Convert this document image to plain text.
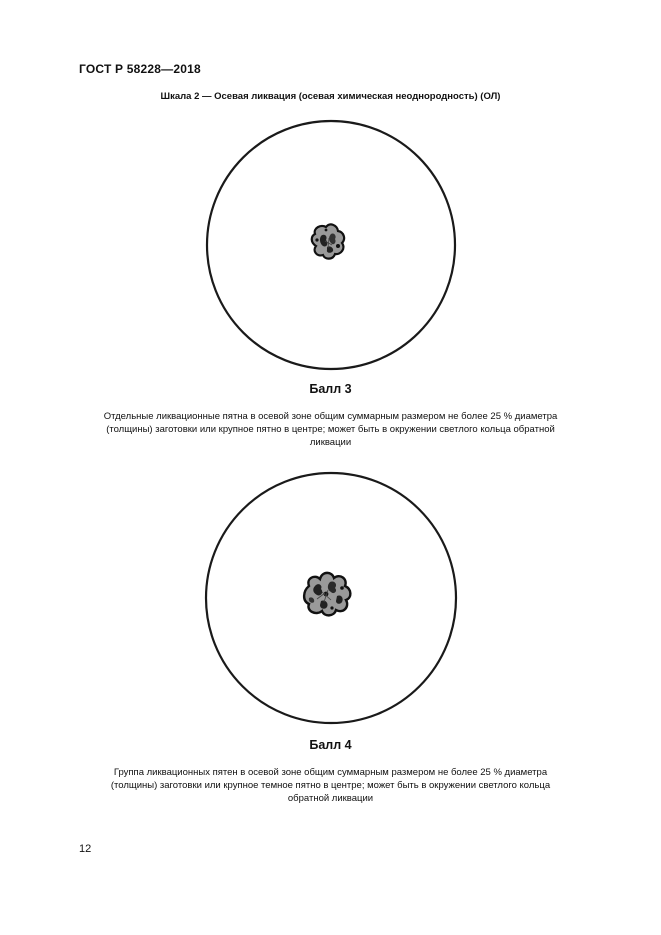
ГОСТ Р 58228—2018
Шкала 2 — Осевая ликвация (осевая химическая неоднородность) (ОЛ)
Балл 3
Отдельные ликвационные пятна в осевой зоне общим суммарным размером не более 25 % диаметра (толщины) заготовки или крупное пятно в центре; может быть в окружении светлого кольца обратной ликвации
Балл 4
Группа ликвационных пятен в осевой зоне общим суммарным размером не более 25 % диаметра (толщины) заготовки или крупное темное пятно в центре; может быть в окружении светлого кольца обратной ликвации
12
